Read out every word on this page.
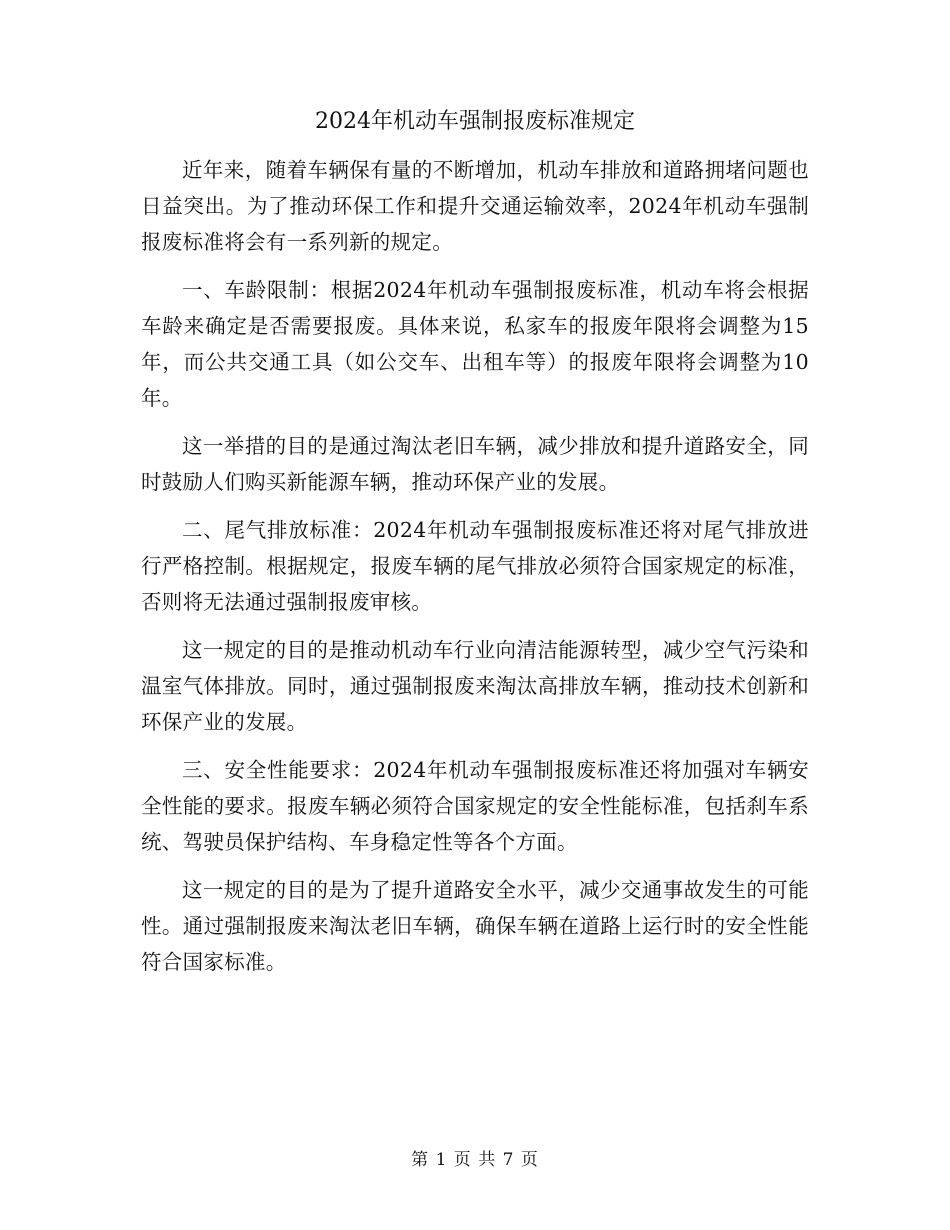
2024年机动车强制报废标准规定

近年来，随着车辆保有量的不断增加，机动车排放和道路拥堵问题也日益突出。为了推动环保工作和提升交通运输效率，2024年机动车强制报废标准将会有一系列新的规定。

一、车龄限制：根据2024年机动车强制报废标准，机动车将会根据车龄来确定是否需要报废。具体来说，私家车的报废年限将会调整为15年，而公共交通工具（如公交车、出租车等）的报废年限将会调整为10年。

这一举措的目的是通过淘汰老旧车辆，减少排放和提升道路安全，同时鼓励人们购买新能源车辆，推动环保产业的发展。

二、尾气排放标准：2024年机动车强制报废标准还将对尾气排放进行严格控制。根据规定，报废车辆的尾气排放必须符合国家规定的标准，否则将无法通过强制报废审核。

这一规定的目的是推动机动车行业向清洁能源转型，减少空气污染和温室气体排放。同时，通过强制报废来淘汰高排放车辆，推动技术创新和环保产业的发展。

三、安全性能要求：2024年机动车强制报废标准还将加强对车辆安全性能的要求。报废车辆必须符合国家规定的安全性能标准，包括刹车系统、驾驶员保护结构、车身稳定性等各个方面。

这一规定的目的是为了提升道路安全水平，减少交通事故发生的可能性。通过强制报废来淘汰老旧车辆，确保车辆在道路上运行时的安全性能符合国家标准。

第 1 页 共 7 页
